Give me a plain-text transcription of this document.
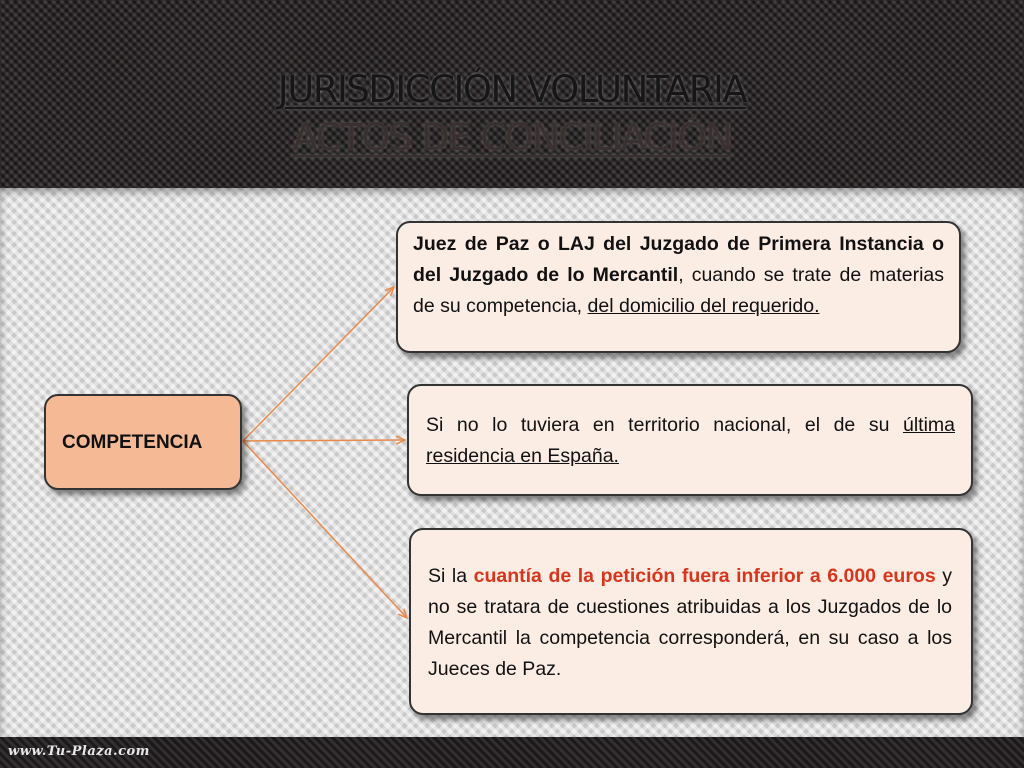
JURISDICCIÓN VOLUNTARIA
ACTOS DE CONCILIACIÓN
COMPETENCIA
Juez de Paz o LAJ del Juzgado de Primera Instancia o del Juzgado de lo Mercantil, cuando se trate de materias de su competencia, del domicilio del requerido.
Si no lo tuviera en territorio nacional, el de su última residencia en España.
Si la cuantía de la petición fuera inferior a 6.000 euros y no se tratara de cuestiones atribuidas a los Juzgados de lo Mercantil la competencia corresponderá, en su caso a los Jueces de Paz.
www.Tu-Plaza.com
